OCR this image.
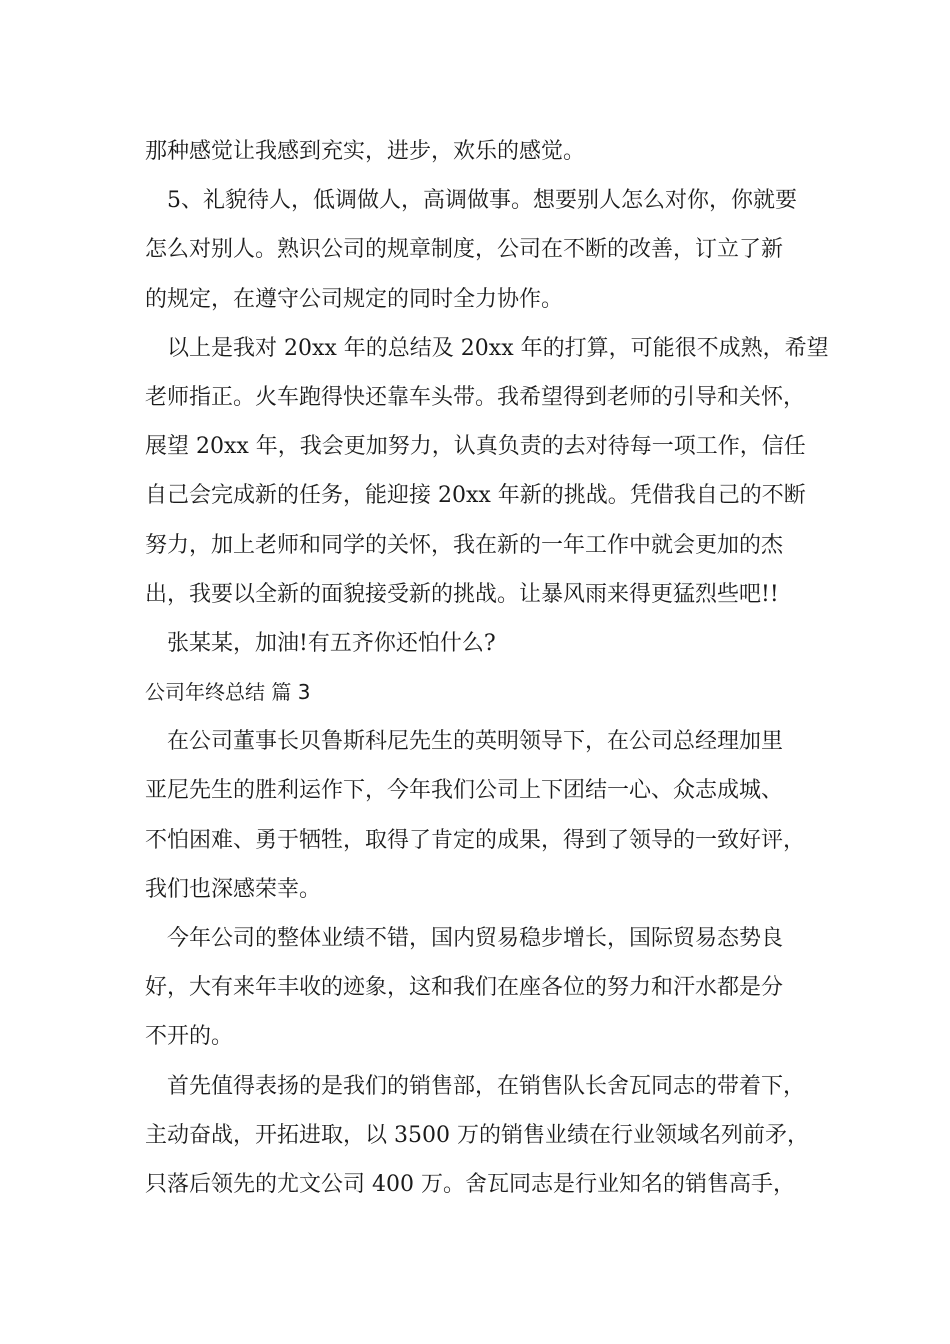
那种感觉让我感到充实，进步，欢乐的感觉。
5、礼貌待人，低调做人，高调做事。想要别人怎么对你，你就要
怎么对别人。熟识公司的规章制度，公司在不断的改善，订立了新
的规定，在遵守公司规定的同时全力协作。
以上是我对 20xx 年的总结及 20xx 年的打算，可能很不成熟，希望
老师指正。火车跑得快还靠车头带。我希望得到老师的引导和关怀，
展望 20xx 年，我会更加努力，认真负责的去对待每一项工作，信任
自己会完成新的任务，能迎接 20xx 年新的挑战。凭借我自己的不断
努力，加上老师和同学的关怀，我在新的一年工作中就会更加的杰
出，我要以全新的面貌接受新的挑战。让暴风雨来得更猛烈些吧!!
张某某，加油!有五齐你还怕什么?
公司年终总结 篇 3
在公司董事长贝鲁斯科尼先生的英明领导下，在公司总经理加里
亚尼先生的胜利运作下，今年我们公司上下团结一心、众志成城、
不怕困难、勇于牺牲，取得了肯定的成果，得到了领导的一致好评，
我们也深感荣幸。
今年公司的整体业绩不错，国内贸易稳步增长，国际贸易态势良
好，大有来年丰收的迹象，这和我们在座各位的努力和汗水都是分
不开的。
首先值得表扬的是我们的销售部，在销售队长舍瓦同志的带着下，
主动奋战，开拓进取，以 3500 万的销售业绩在行业领域名列前矛，
只落后领先的尤文公司 400 万。舍瓦同志是行业知名的销售高手，
